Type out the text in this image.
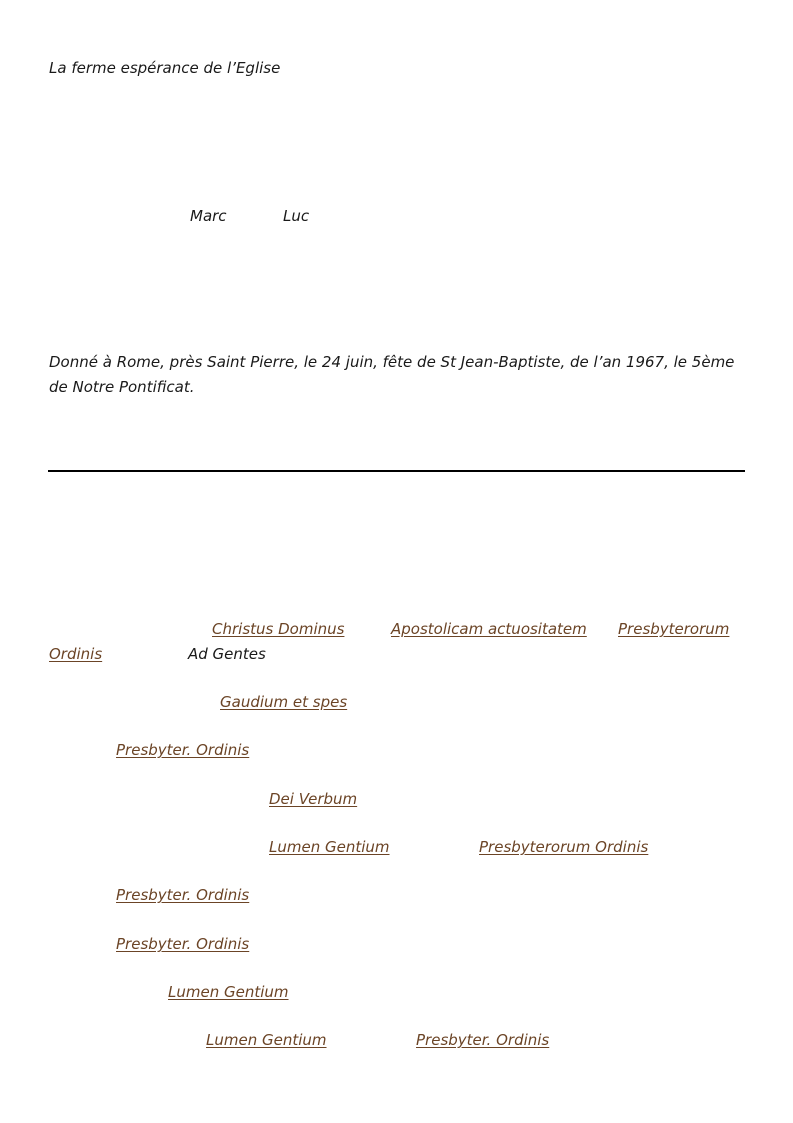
La ferme espérance de l’Eglise
Marc	Luc
Donné à Rome, près Saint Pierre, le 24 juin, fête de St Jean-Baptiste, de l’an 1967, le 5ème de Notre Pontificat.
Christus Dominus	Apostolicam actuositatem Presbyterorum
Ordinis	Ad Gentes
Gaudium et spes
Presbyter. Ordinis
Dei Verbum
Lumen Gentium	Presbyterorum Ordinis
Presbyter. Ordinis
Presbyter. Ordinis
Lumen Gentium
Lumen Gentium	Presbyter. Ordinis
